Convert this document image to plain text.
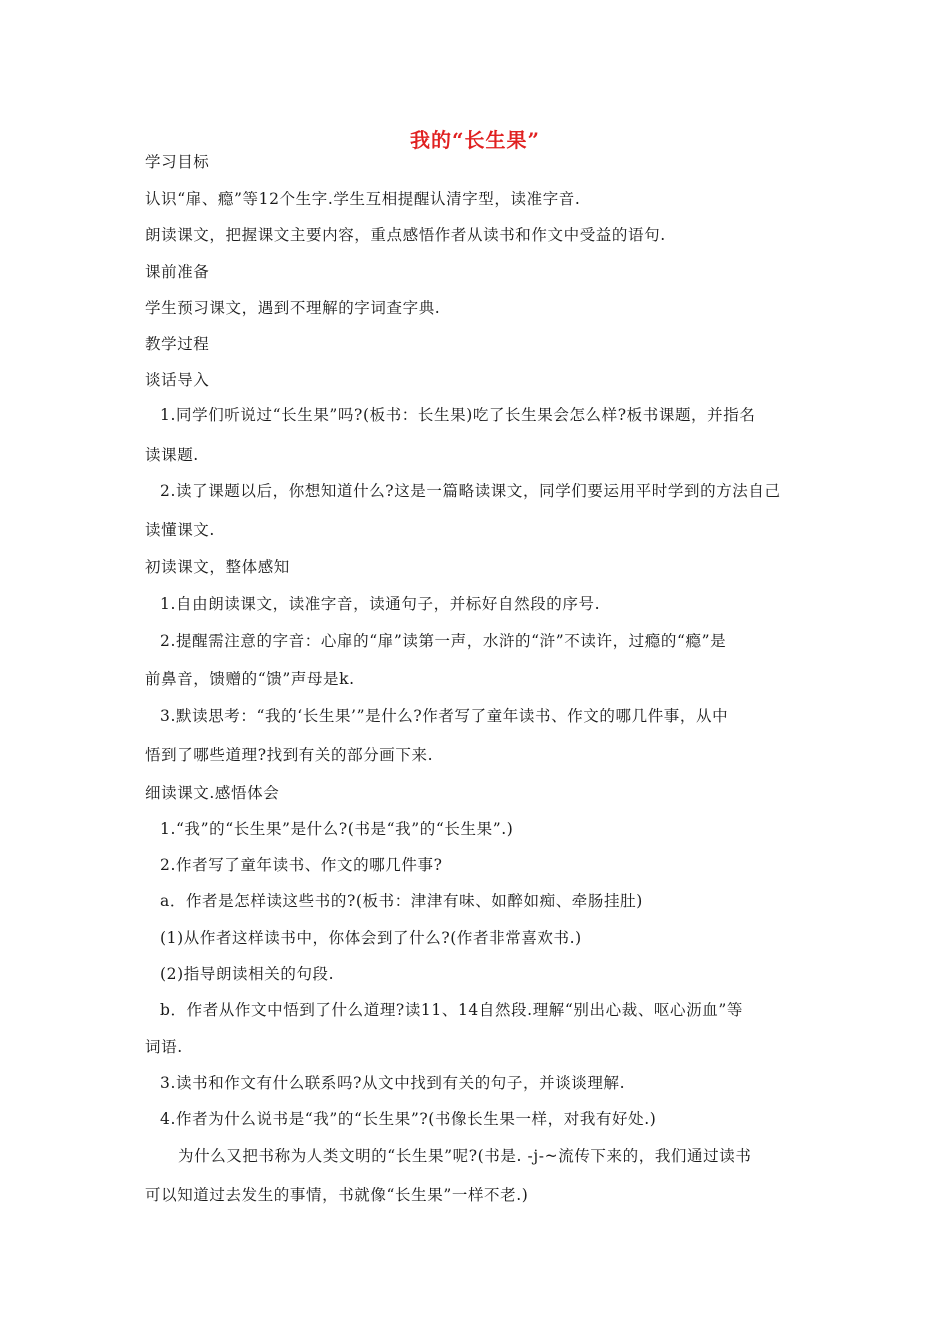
我的“长生果”
学习目标
认识“扉、瘾”等12个生字.学生互相提醒认清字型，读准字音.
朗读课文，把握课文主要内容，重点感悟作者从读书和作文中受益的语句.
课前准备
学生预习课文，遇到不理解的字词查字典.
教学过程
谈话导入
1.同学们听说过“长生果”吗?(板书：长生果)吃了长生果会怎么样?板书课题，并指名
读课题.
2.读了课题以后，你想知道什么?这是一篇略读课文，同学们要运用平时学到的方法自己
读懂课文.
初读课文，整体感知
1.自由朗读课文，读准字音，读通句子，并标好自然段的序号.
2.提醒需注意的字音：心扉的“扉”读第一声，水浒的“浒”不读许，过瘾的“瘾”是
前鼻音，馈赠的“馈”声母是k.
3.默读思考：“我的‘长生果’”是什么?作者写了童年读书、作文的哪几件事，从中
悟到了哪些道理?找到有关的部分画下来.
细读课文.感悟体会
1.“我”的“长生果”是什么?(书是“我”的“长生果”.)
2.作者写了童年读书、作文的哪几件事?
a．作者是怎样读这些书的?(板书：津津有味、如醉如痴、牵肠挂肚)
(1)从作者这样读书中，你体会到了什么?(作者非常喜欢书.)
(2)指导朗读相关的句段.
b．作者从作文中悟到了什么道理?读11、14自然段.理解“别出心裁、呕心沥血”等
词语.
3.读书和作文有什么联系吗?从文中找到有关的句子，并谈谈理解.
4.作者为什么说书是“我”的“长生果”?(书像长生果一样，对我有好处.)
为什么又把书称为人类文明的“长生果”呢?(书是. -j-~流传下来的，我们通过读书
可以知道过去发生的事情，书就像“长生果”一样不老.)
